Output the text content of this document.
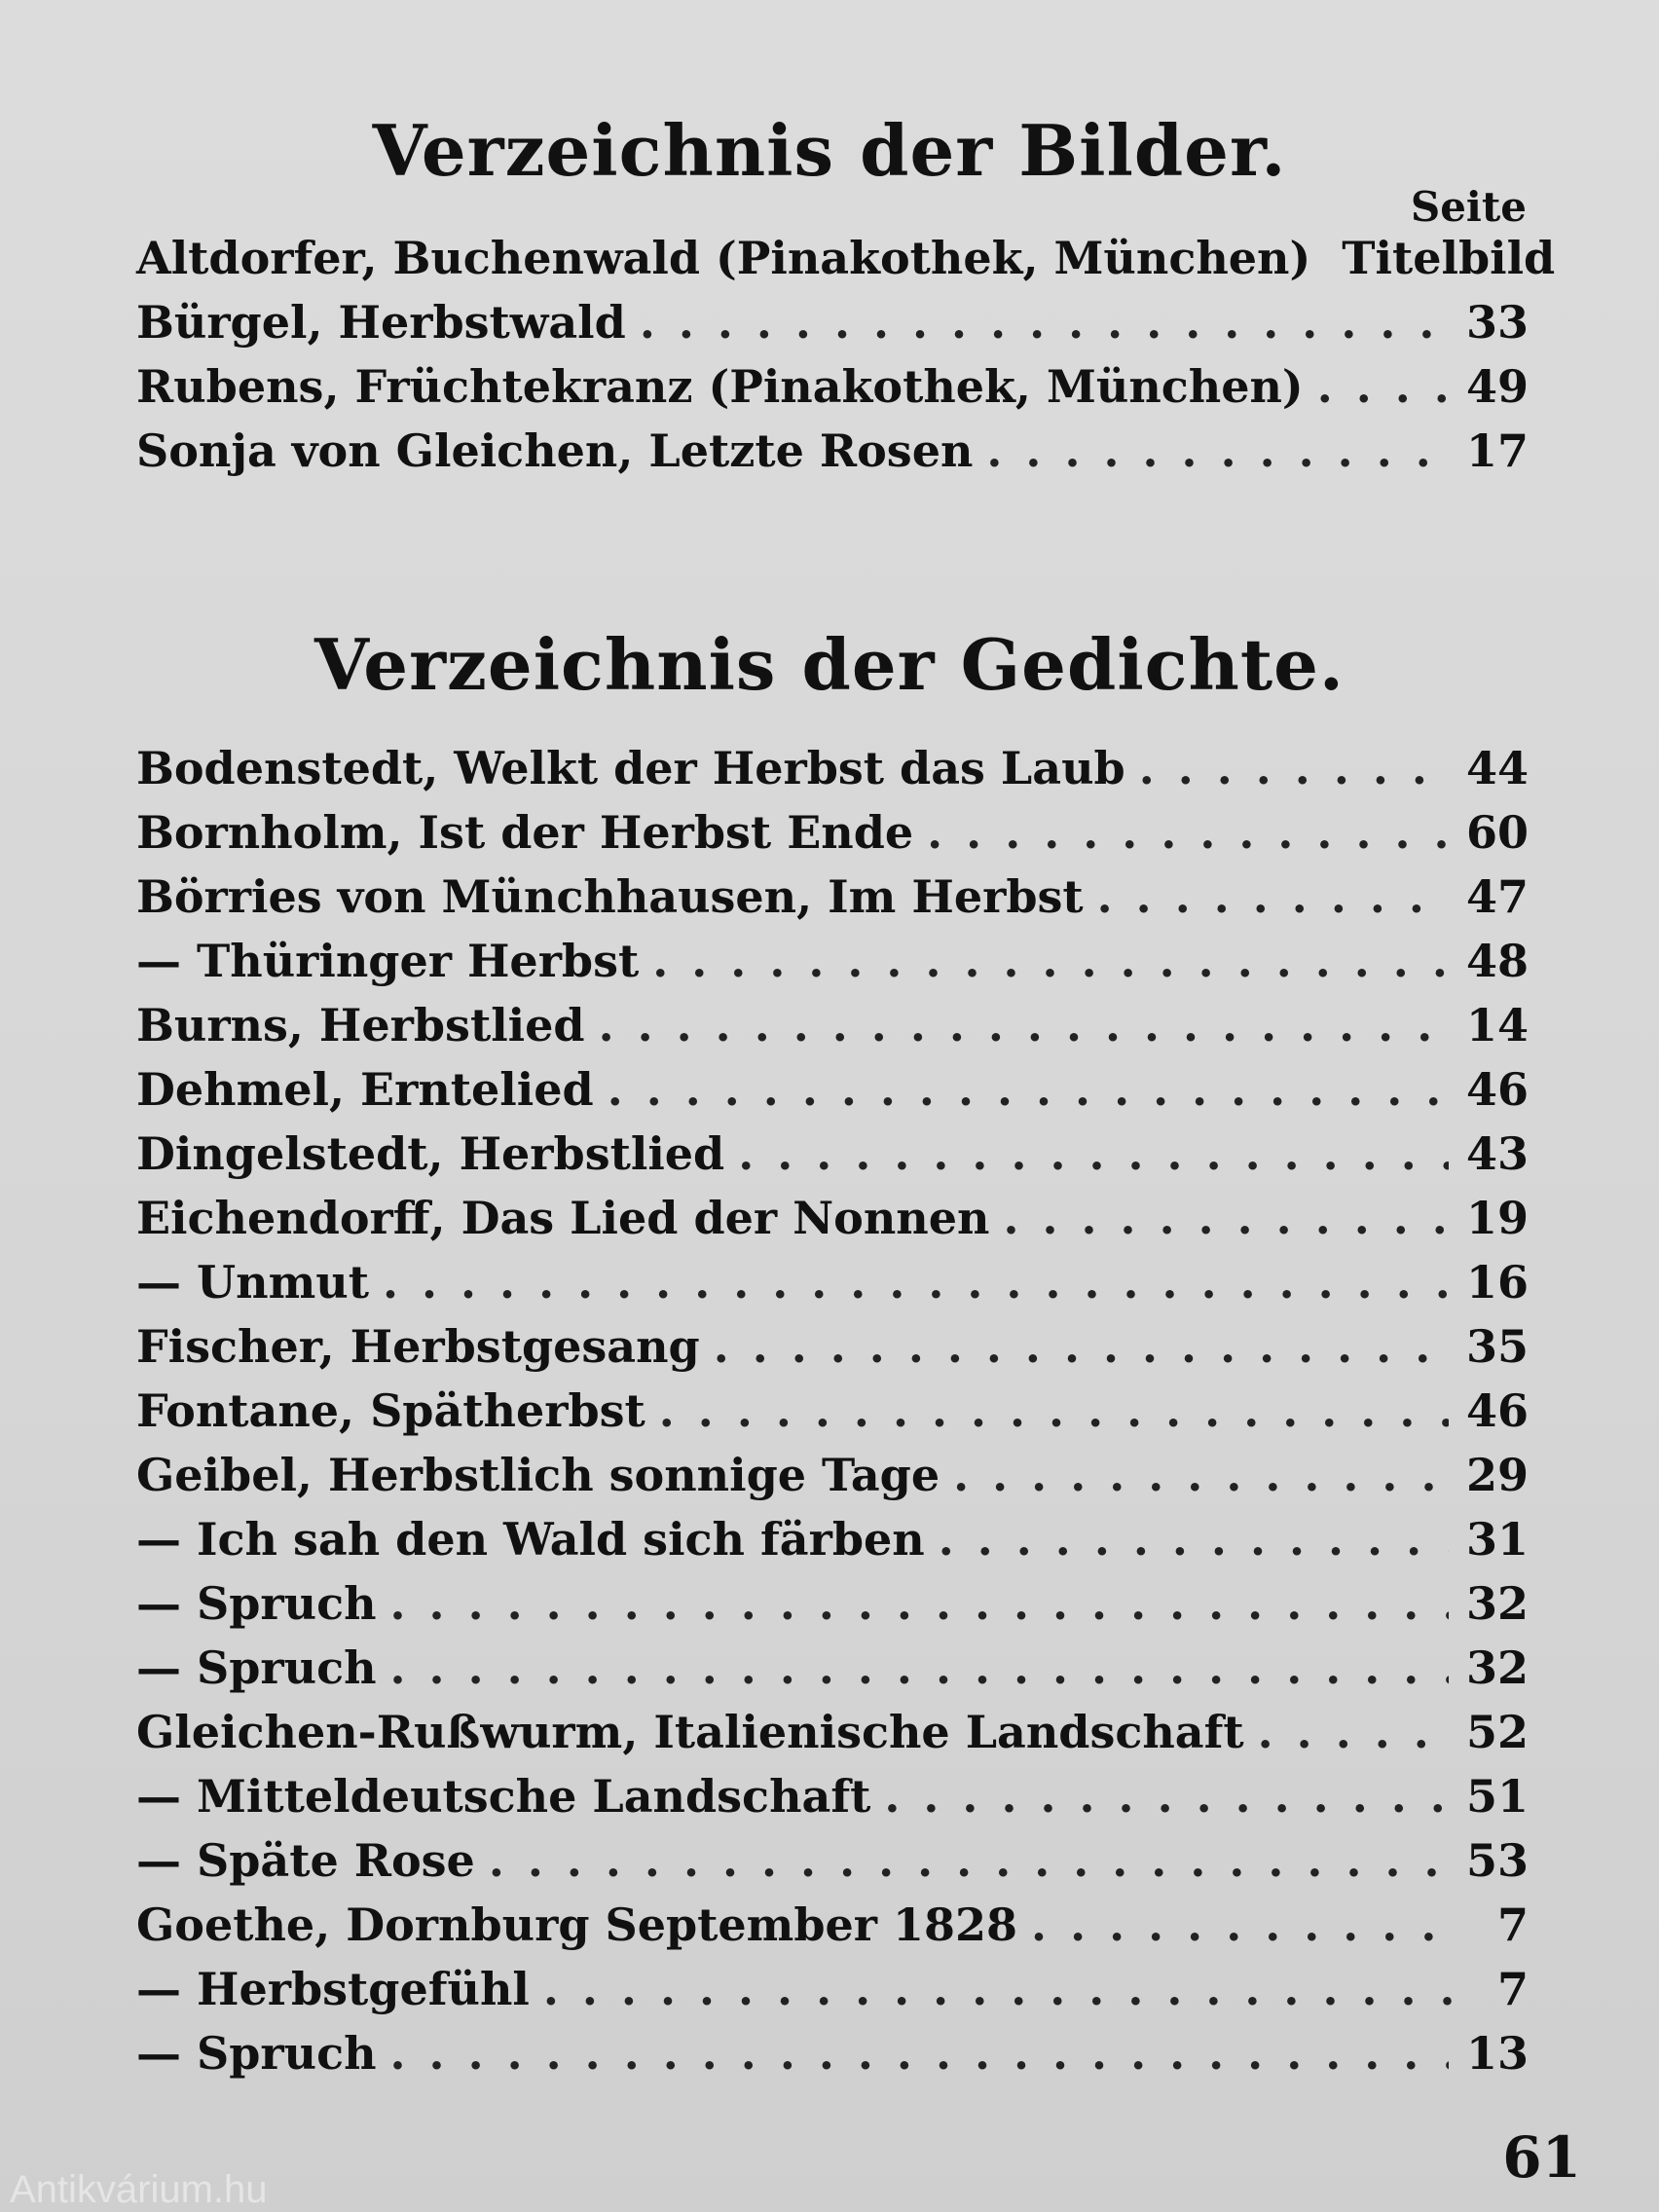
Verzeichnis der Bilder.
Seite
Altdorfer, Buchenwald (Pinakothek, München) Titelbild
Bürgel, Herbstwald . . .	33
Rubens, Früchtekranz (Pinakothek, München) . . .	49
Sonja von Gleichen, Letzte Rosen . . .	17
Verzeichnis der Gedichte.
Bodenstedt, Welkt der Herbst das Laub . . .	44
Bornholm, Ist der Herbst Ende . . .	60
Börries von Münchhausen, Im Herbst . . .	47
— Thüringer Herbst . . .	48
Burns, Herbstlied . . .	14
Dehmel, Erntelied . . .	46
Dingelstedt, Herbstlied . . .	43
Eichendorff, Das Lied der Nonnen . . .	19
— Unmut . . .	16
Fischer, Herbstgesang . . .	35
Fontane, Spätherbst . . .	46
Geibel, Herbstlich sonnige Tage . . .	29
— Ich sah den Wald sich färben . . .	31
— Spruch . . .	32
— Spruch . . .	32
Gleichen-Rußwurm, Italienische Landschaft . . .	52
— Mitteldeutsche Landschaft . . .	51
— Späte Rose . . .	53
Goethe, Dornburg September 1828 . . .	7
— Herbstgefühl . . .	7
— Spruch . . .	13
61
Antikvárium.hu
